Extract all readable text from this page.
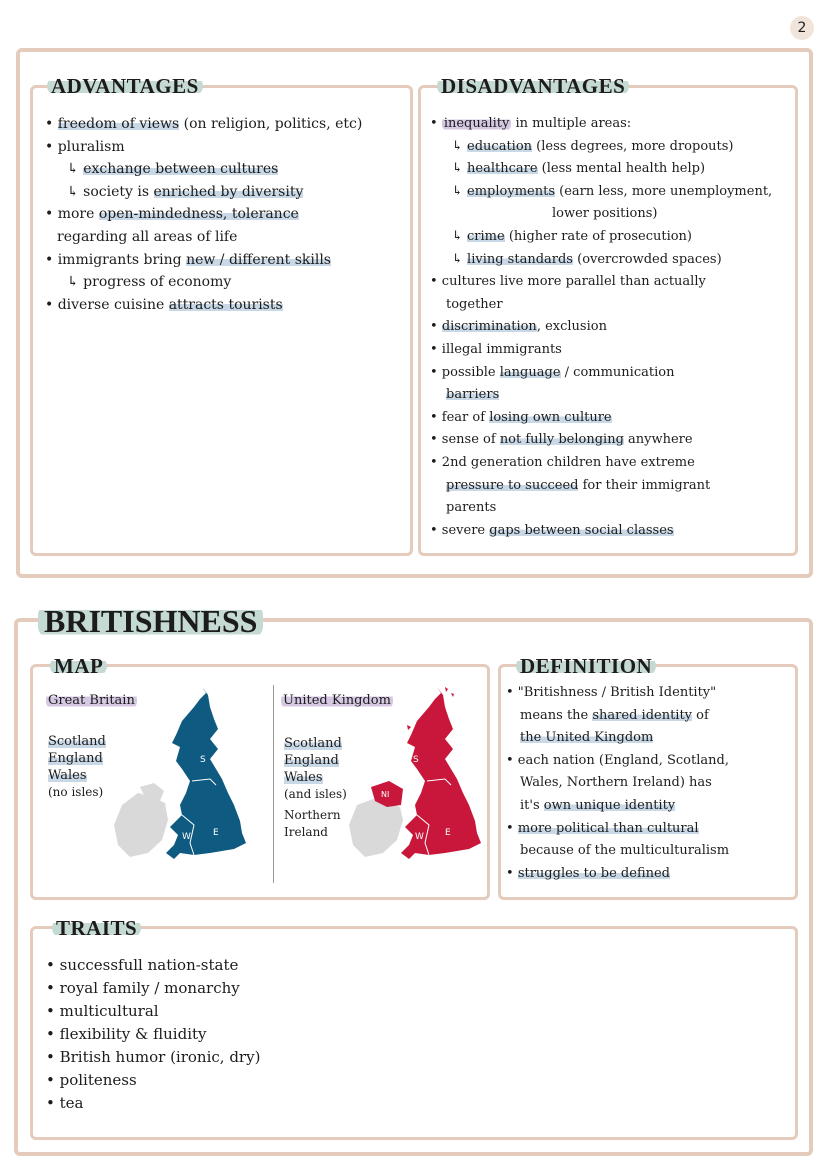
2
ADVANTAGES
• freedom of views (on religion, politics, etc)
• pluralism
↳ exchange between cultures
↳ society is enriched by diversity
• more open-mindedness, tolerance
regarding all areas of life
• immigrants bring new / different skills
↳ progress of economy
• diverse cuisine attracts tourists
DISADVANTAGES
• inequality in multiple areas:
↳ education (less degrees, more dropouts)
↳ healthcare (less mental health help)
↳ employments (earn less, more unemployment,
lower positions)
↳ crime (higher rate of prosecution)
↳ living standards (overcrowded spaces)
• cultures live more parallel than actually
together
• discrimination, exclusion
• illegal immigrants
• possible language / communication
barriers
• fear of losing own culture
• sense of not fully belonging anywhere
• 2nd generation children have extreme
pressure to succeed for their immigrant
parents
• severe gaps between social classes
BRITISHNESS
MAP
Great Britain
Scotland
England
Wales

(no isles)
S
E
W
United Kingdom
Scotland
England
Wales

(and isles)
Northern
Ireland
S
NI
E
W
DEFINITION
• "Britishness / British Identity"
means the shared identity of
the United Kingdom
• each nation (England, Scotland,
Wales, Northern Ireland) has
it's own unique identity
• more political than cultural
because of the multiculturalism
• struggles to be defined
TRAITS
• successfull nation-state
• royal family / monarchy
• multicultural
• flexibility & fluidity
• British humor (ironic, dry)
• politeness
• tea
